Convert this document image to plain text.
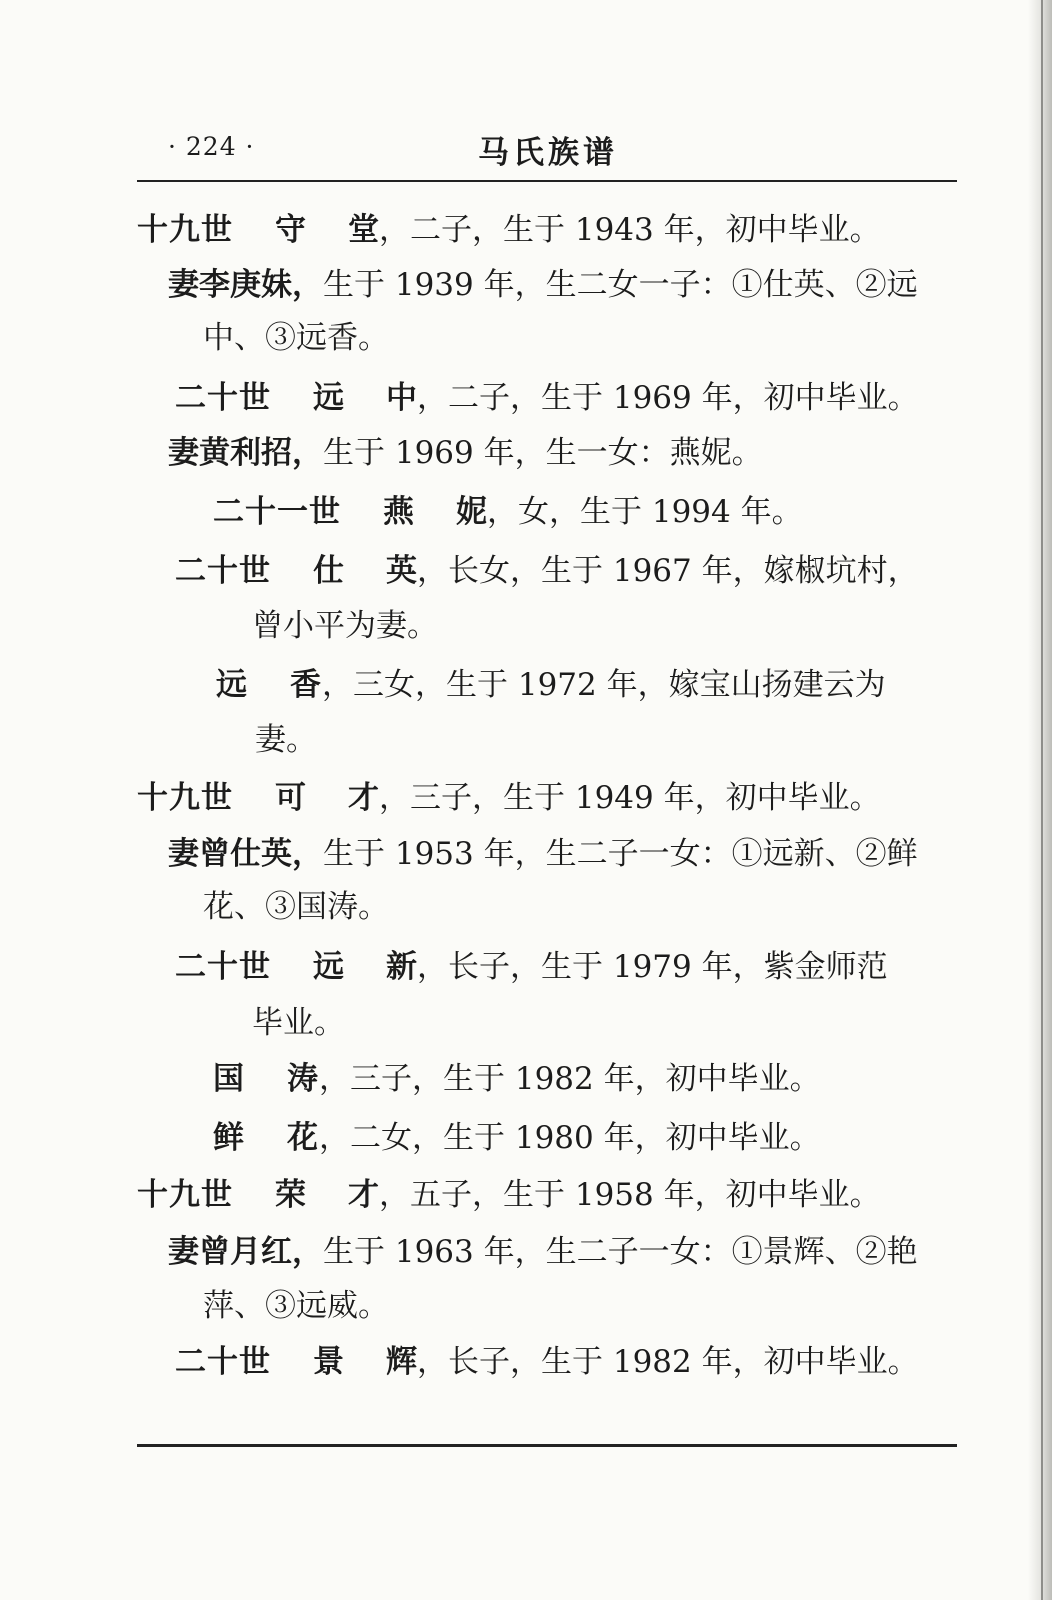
· 224 ·	马氏族谱
十九世 守 堂，二子，生于 1943 年，初中毕业。
妻李庚妹，生于 1939 年，生二女一子：①仕英、②远
中、③远香。
二十世 远 中，二子，生于 1969 年，初中毕业。
妻黄利招，生于 1969 年，生一女：燕妮。
二十一世 燕 妮，女，生于 1994 年。
二十世 仕 英，长女，生于 1967 年，嫁椒坑村，
曾小平为妻。
远 香，三女，生于 1972 年，嫁宝山扬建云为
妻。
十九世 可 才，三子，生于 1949 年，初中毕业。
妻曾仕英，生于 1953 年，生二子一女：①远新、②鲜
花、③国涛。
二十世 远 新，长子，生于 1979 年，紫金师范
毕业。
国 涛，三子，生于 1982 年，初中毕业。
鲜 花，二女，生于 1980 年，初中毕业。
十九世 荣 才，五子，生于 1958 年，初中毕业。
妻曾月红，生于 1963 年，生二子一女：①景辉、②艳
萍、③远威。
二十世 景 辉，长子，生于 1982 年，初中毕业。
